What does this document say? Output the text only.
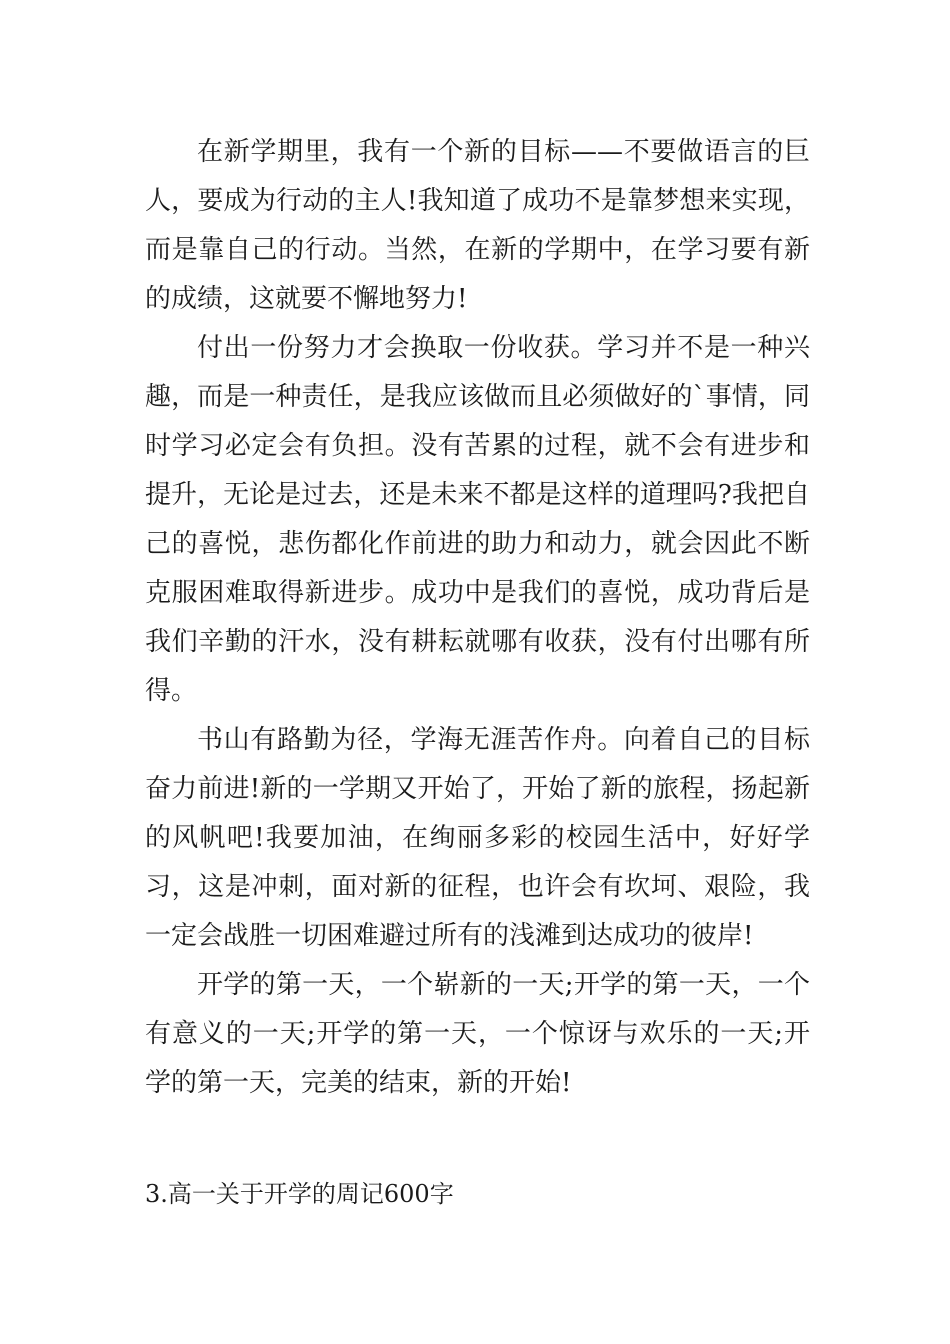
在新学期里，我有一个新的目标——不要做语言的巨人，要成为行动的主人!我知道了成功不是靠梦想来实现，而是靠自己的行动。当然，在新的学期中，在学习要有新的成绩，这就要不懈地努力!

付出一份努力才会换取一份收获。学习并不是一种兴趣，而是一种责任，是我应该做而且必须做好的`事情，同时学习必定会有负担。没有苦累的过程，就不会有进步和提升，无论是过去，还是未来不都是这样的道理吗?我把自己的喜悦，悲伤都化作前进的助力和动力，就会因此不断克服困难取得新进步。成功中是我们的喜悦，成功背后是我们辛勤的汗水，没有耕耘就哪有收获，没有付出哪有所得。

书山有路勤为径，学海无涯苦作舟。向着自己的目标奋力前进!新的一学期又开始了，开始了新的旅程，扬起新的风帆吧!我要加油，在绚丽多彩的校园生活中，好好学习，这是冲刺，面对新的征程，也许会有坎坷、艰险，我一定会战胜一切困难避过所有的浅滩到达成功的彼岸!

开学的第一天，一个崭新的一天;开学的第一天，一个有意义的一天;开学的第一天，一个惊讶与欢乐的一天;开学的第一天，完美的结束，新的开始!

3.高一关于开学的周记600字
